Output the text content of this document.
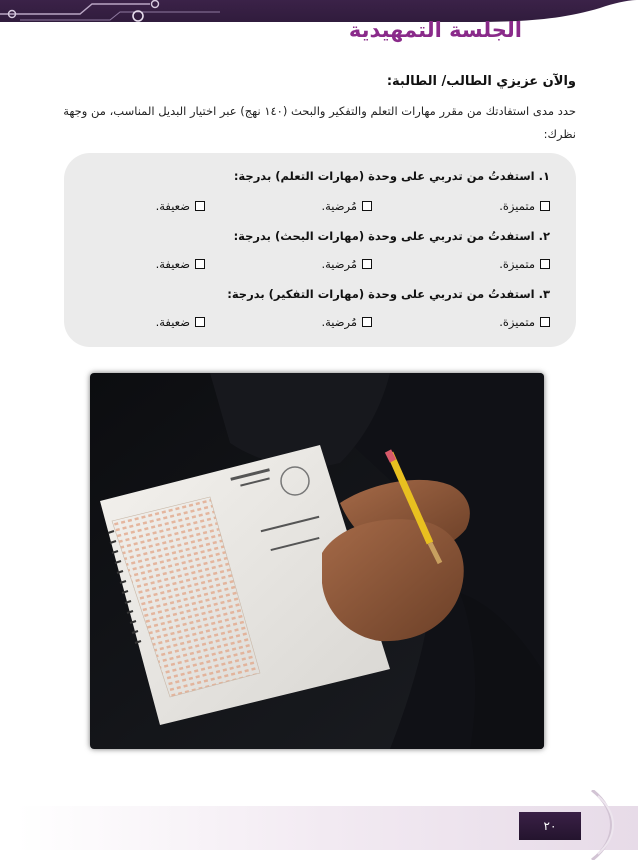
الجلسة التمهيدية
والآن عزيزي الطالب/ الطالبة:
حدد مدى استفادتك من مقرر مهارات التعلم والتفكير والبحث (١٤٠ نهج) عبر اختيار البديل المناسب، من وجهة نظرك:
١. استفدتُ من تدربي على وحدة (مهارات التعلم) بدرجة:
متميزة.
مُرضية.
ضعيفة.
٢. استفدتُ من تدربي على وحدة (مهارات البحث) بدرجة:
متميزة.
مُرضية.
ضعيفة.
٣. استفدتُ من تدربي على وحدة (مهارات التفكير) بدرجة:
متميزة.
مُرضية.
ضعيفة.
٢٠
